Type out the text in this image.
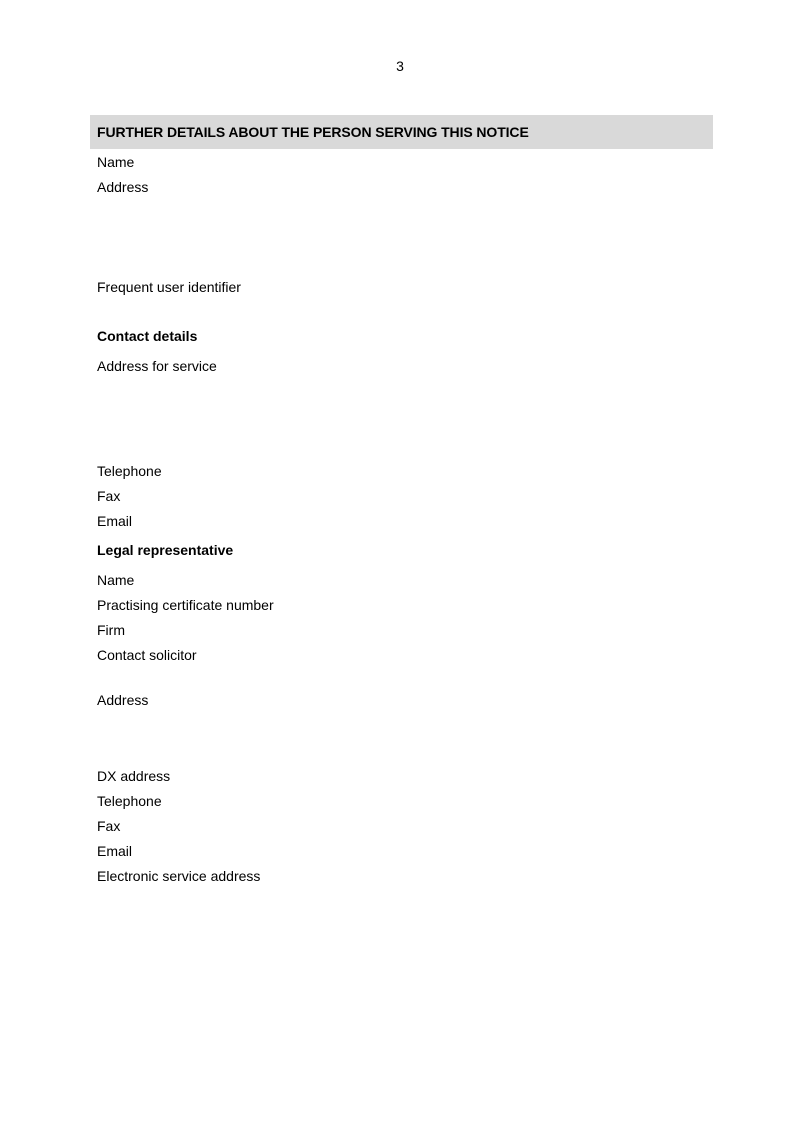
3
FURTHER DETAILS ABOUT THE PERSON SERVING THIS NOTICE
Name
Address
Frequent user identifier
Contact details
Address for service
Telephone
Fax
Email
Legal representative
Name
Practising certificate number
Firm
Contact solicitor
Address
DX address
Telephone
Fax
Email
Electronic service address
